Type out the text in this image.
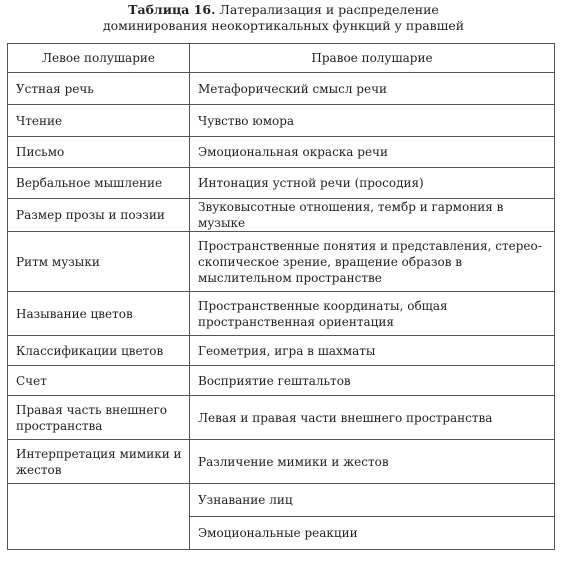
Таблица 16. Латерализация и распределение
доминирования неокортикальных функций у правшей
Левое полушарие	Правое полушарие
Устная речь	Метафорический смысл речи
Чтение	Чувство юмора
Письмо	Эмоциональная окраска речи
Вербальное мышление	Интонация устной речи (просодия)
Размер прозы и поэзии	Звуковысотные отношения, тембр и гармония в музыке
Ритм музыки	Пространственные понятия и представления, стерео-скопическое зрение, вращение образов в мыслительном пространстве
Называние цветов	Пространственные координаты, общая пространственная ориентация
Классификации цветов	Геометрия, игра в шахматы
Счет	Восприятие гештальтов
Правая часть внешнего пространства	Левая и правая части внешнего пространства
Интерпретация мимики и жестов	Различение мимики и жестов
	Узнавание лиц
	Эмоциональные реакции
